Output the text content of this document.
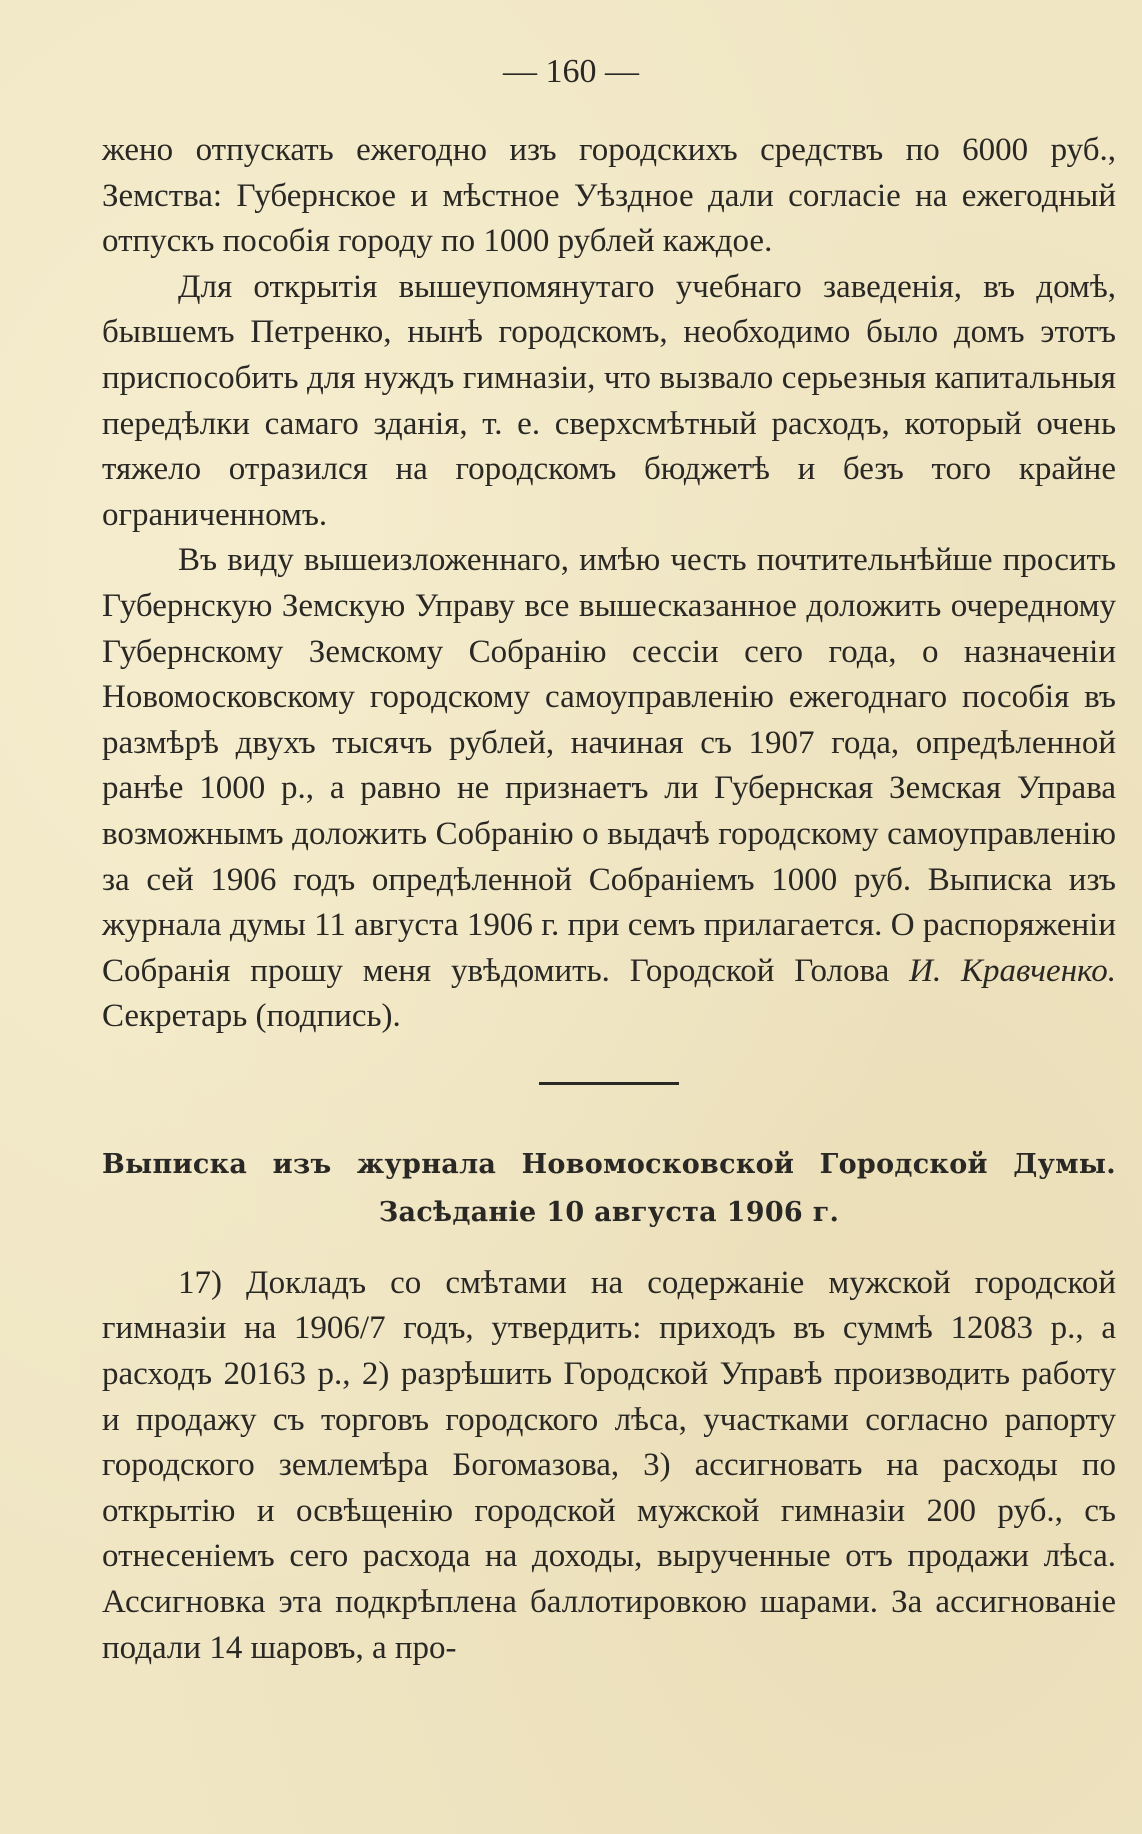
— 160 —

жено отпускать ежегодно изъ городскихъ средствъ по 6000 руб., Земства: Губернское и мѣстное Уѣздное дали согласіе на ежегодный отпускъ пособія городу по 1000 рублей каждое.

Для открытія вышеупомянутаго учебнаго заведенія, въ домѣ, бывшемъ Петренко, нынѣ городскомъ, необходимо было домъ этотъ приспособить для нуждъ гимназіи, что вызвало серьезныя капитальныя передѣлки самаго зданія, т. е. сверхсмѣтный расходъ, который очень тяжело отразился на городскомъ бюджетѣ и безъ того крайне ограниченномъ.

Въ виду вышеизложеннаго, имѣю честь почтительнѣйше просить Губернскую Земскую Управу все вышесказанное доложить очередному Губернскому Земскому Собранію сессіи сего года, о назначеніи Новомосковскому городскому самоуправленію ежегоднаго пособія въ размѣрѣ двухъ тысячъ рублей, начиная съ 1907 года, опредѣленной ранѣе 1000 р., а равно не признаетъ ли Губернская Земская Управа возможнымъ доложить Собранію о выдачѣ городскому самоуправленію за сей 1906 годъ опредѣленной Собраніемъ 1000 руб. Выписка изъ журнала думы 11 августа 1906 г. при семъ прилагается. О распоряженіи Собранія прошу меня увѣдомить. Городской Голова И. Кравченко. Секретарь (подпись).

Выписка изъ журнала Новомосковской Городской Думы.
Засѣданіе 10 августа 1906 г.

17) Докладъ со смѣтами на содержаніе мужской городской гимназіи на 1906/7 годъ, утвердить: приходъ въ суммѣ 12083 р., а расходъ 20163 р., 2) разрѣшить Городской Управѣ производить работу и продажу съ торговъ городского лѣса, участками согласно рапорту городского землемѣра Богомазова, 3) ассигновать на расходы по открытію и освѣщенію городской мужской гимназіи 200 руб., съ отнесеніемъ сего расхода на доходы, вырученные отъ продажи лѣса. Ассигновка эта подкрѣплена баллотировкою шарами. За ассигнованіе подали 14 шаровъ, а про-
